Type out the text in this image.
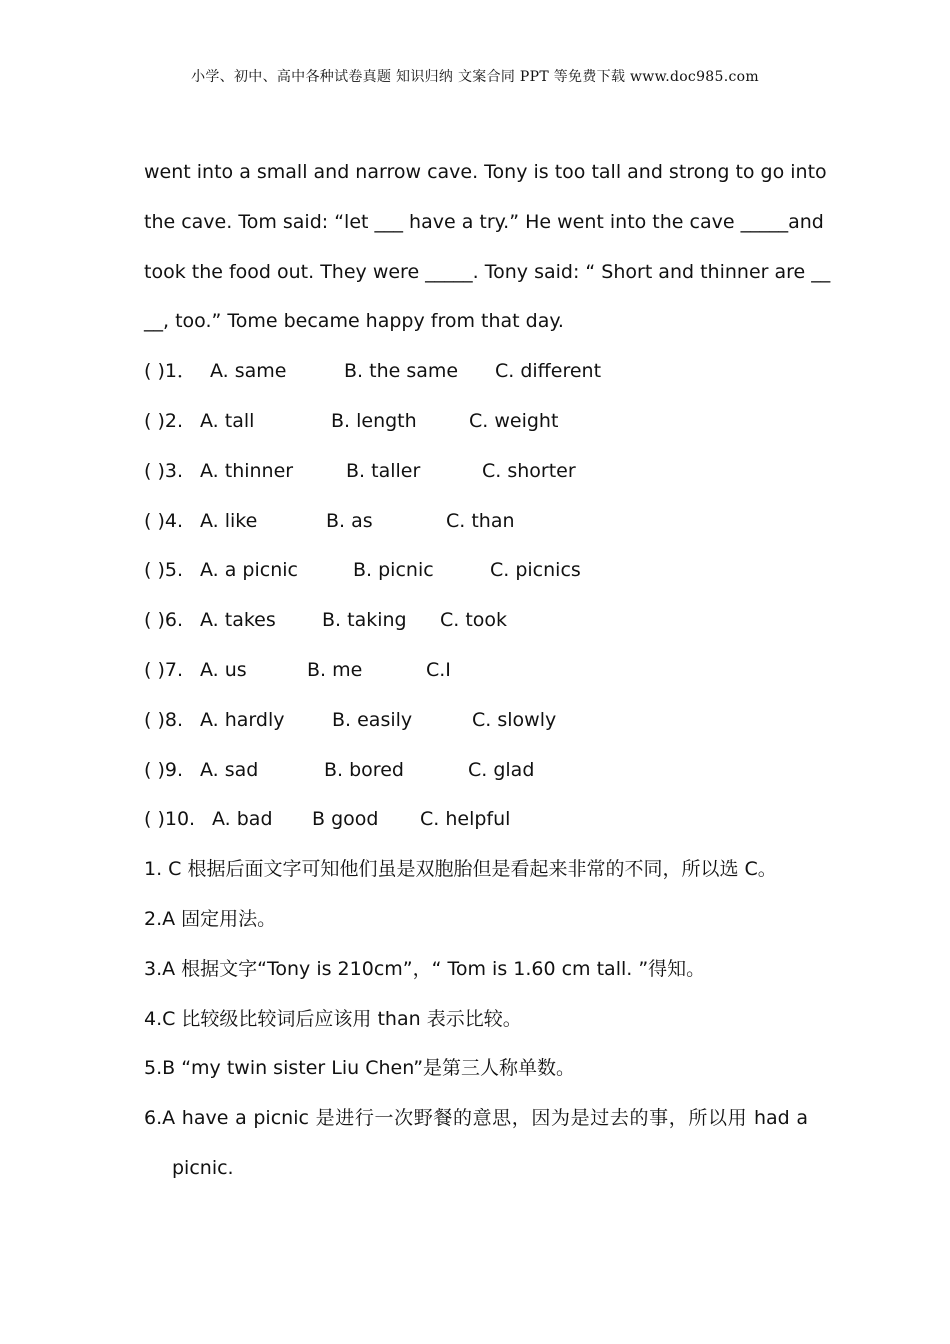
小学、初中、高中各种试卷真题 知识归纳 文案合同 PPT 等免费下载 www.doc985.com
went into a small and narrow cave. Tony is too tall and strong to go into
the cave. Tom said: “let ___ have a try.” He went into the cave _____and
took the food out. They were _____. Tony said: “ Short and thinner are __
__, too.” Tome became happy from that day.
( )1． A. same	B. the same C. different
( )2. A. tall	B. length	C. weight
( )3. A. thinner	B. taller	C. shorter
( )4. A. like	B. as	C. than
( )5. A. a picnic	B. picnic	C. picnics
( )6. A. takes B. taking C. took
( )7. A. us	B. me	C.I
( )8. A. hardly	B. easily	C. slowly
( )9. A. sad	B. bored	C. glad
( )10. A. bad B good C. helpful
1. C 根据后面文字可知他们虽是双胞胎但是看起来非常的不同，所以选 C。
2.A 固定用法。
3.A 根据文字“Tony is 210cm”，“ Tom is 1.60 cm tall. ”得知。
4.C 比较级比较词后应该用 than 表示比较。
5.B “my twin sister Liu Chen”是第三人称单数。
6.A have a picnic 是进行一次野餐的意思，因为是过去的事，所以用 had a
picnic.
